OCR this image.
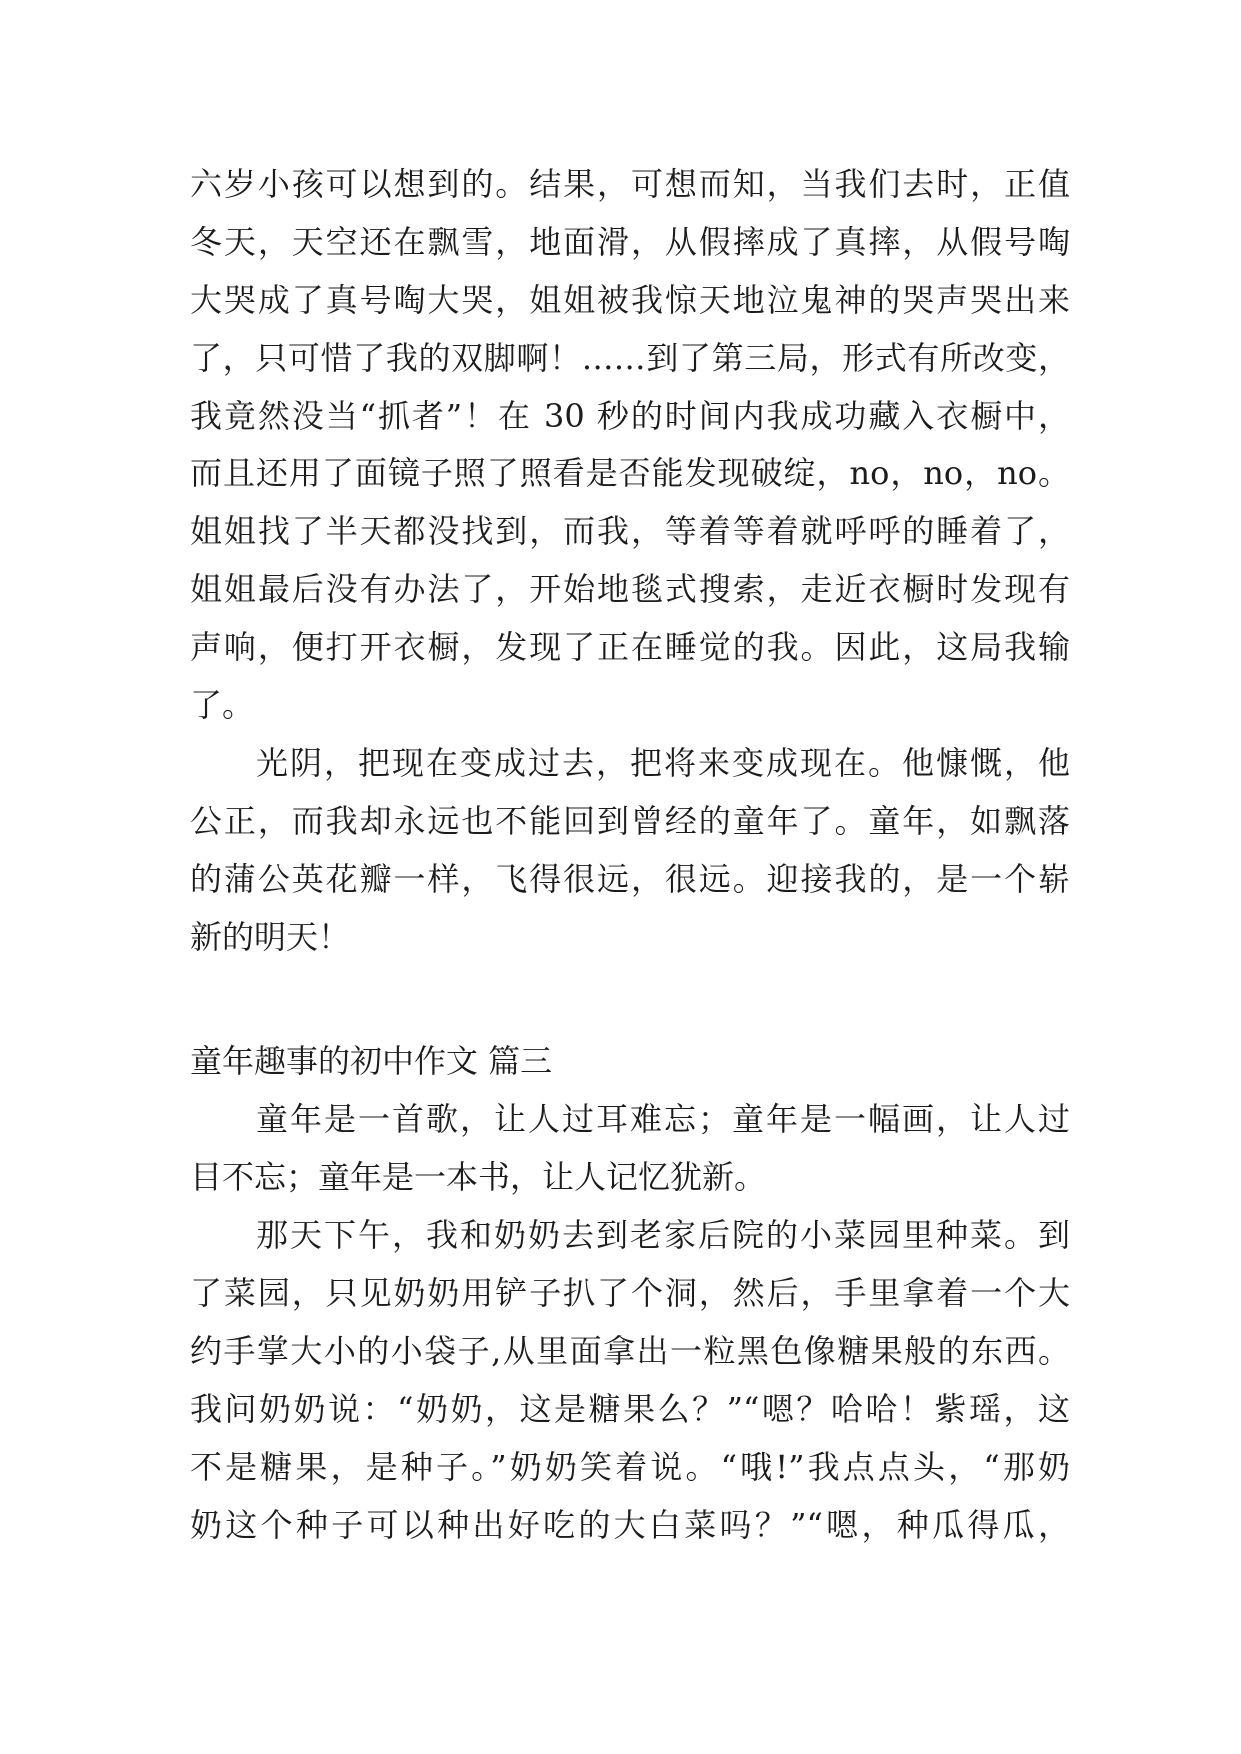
六岁小孩可以想到的。结果，可想而知，当我们去时，正值
冬天，天空还在飘雪，地面滑，从假摔成了真摔，从假号啕
大哭成了真号啕大哭，姐姐被我惊天地泣鬼神的哭声哭出来
了，只可惜了我的双脚啊！……到了第三局，形式有所改变，
我竟然没当“抓者”！在 30 秒的时间内我成功藏入衣橱中，
而且还用了面镜子照了照看是否能发现破绽，no，no，no。
姐姐找了半天都没找到，而我，等着等着就呼呼的睡着了，
姐姐最后没有办法了，开始地毯式搜索，走近衣橱时发现有
声响，便打开衣橱，发现了正在睡觉的我。因此，这局我输
了。
光阴，把现在变成过去，把将来变成现在。他慷慨，他
公正，而我却永远也不能回到曾经的童年了。童年，如飘落
的蒲公英花瓣一样，飞得很远，很远。迎接我的，是一个崭
新的明天！
童年趣事的初中作文 篇三
童年是一首歌，让人过耳难忘；童年是一幅画，让人过
目不忘；童年是一本书，让人记忆犹新。
那天下午，我和奶奶去到老家后院的小菜园里种菜。到
了菜园，只见奶奶用铲子扒了个洞，然后，手里拿着一个大
约手掌大小的小袋子,从里面拿出一粒黑色像糖果般的东西。
我问奶奶说：“奶奶，这是糖果么？”“嗯？哈哈！紫瑶，这
不是糖果，是种子。”奶奶笑着说。“哦!”我点点头，“那奶
奶这个种子可以种出好吃的大白菜吗？”“嗯，种瓜得瓜，
